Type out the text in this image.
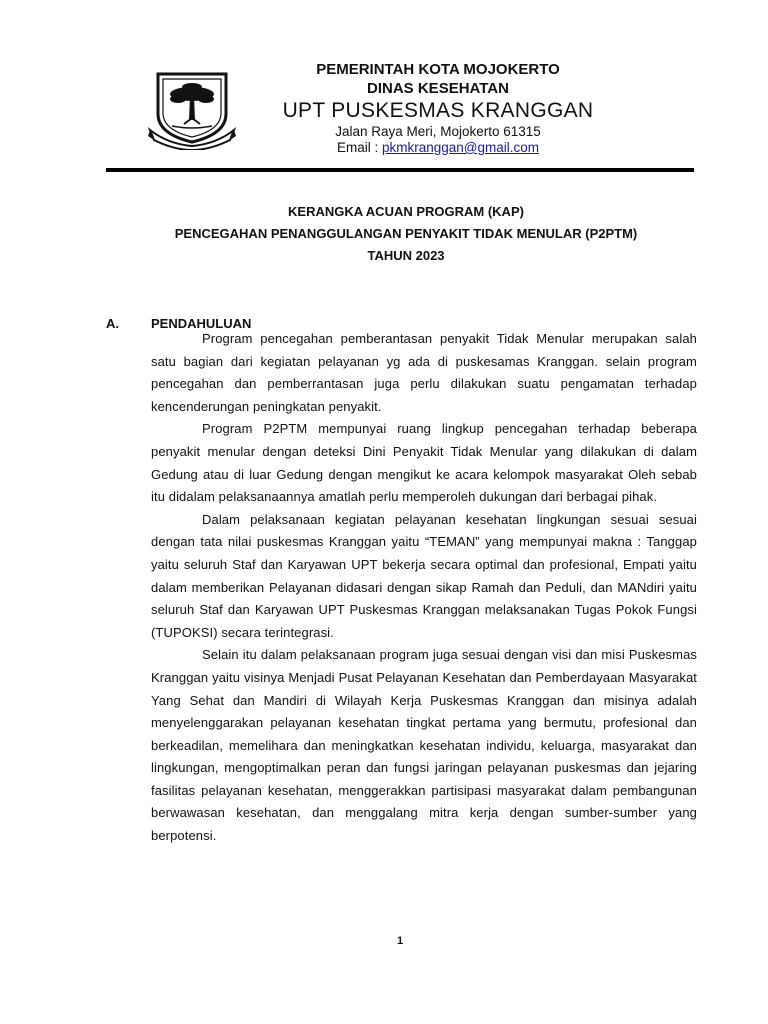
PEMERINTAH KOTA MOJOKERTO
DINAS KESEHATAN
UPT PUSKESMAS KRANGGAN
Jalan Raya Meri, Mojokerto 61315
Email : pkmkranggan@gmail.com
KERANGKA ACUAN PROGRAM (KAP)
PENCEGAHAN PENANGGULANGAN PENYAKIT TIDAK MENULAR (P2PTM)
TAHUN 2023
A. PENDAHULUAN

Program pencegahan pemberantasan penyakit Tidak Menular merupakan salah satu bagian dari kegiatan pelayanan yg ada di puskesamas Kranggan. selain program pencegahan dan pemberrantasan juga perlu dilakukan suatu pengamatan terhadap kencenderungan peningkatan penyakit.

Program P2PTM mempunyai ruang lingkup pencegahan terhadap beberapa penyakit menular dengan deteksi Dini Penyakit Tidak Menular yang dilakukan di dalam Gedung atau di luar Gedung dengan mengikut ke acara kelompok masyarakat Oleh sebab itu didalam pelaksanaannya amatlah perlu memperoleh dukungan dari berbagai pihak.

Dalam pelaksanaan kegiatan pelayanan kesehatan lingkungan sesuai sesuai dengan tata nilai puskesmas Kranggan yaitu “TEMAN” yang mempunyai makna : Tanggap yaitu seluruh Staf dan Karyawan UPT bekerja secara optimal dan profesional, Empati yaitu dalam memberikan Pelayanan didasari dengan sikap Ramah dan Peduli, dan MANdiri yaitu seluruh Staf dan Karyawan UPT Puskesmas Kranggan melaksanakan Tugas Pokok Fungsi (TUPOKSI) secara terintegrasi.

Selain itu dalam pelaksanaan program juga sesuai dengan visi dan misi Puskesmas Kranggan yaitu visinya Menjadi Pusat Pelayanan Kesehatan dan Pemberdayaan Masyarakat Yang Sehat dan Mandiri di Wilayah Kerja Puskesmas Kranggan dan misinya adalah menyelenggarakan pelayanan kesehatan tingkat pertama yang bermutu, profesional dan berkeadilan, memelihara dan meningkatkan kesehatan individu, keluarga, masyarakat dan lingkungan, mengoptimalkan peran dan fungsi jaringan pelayanan puskesmas dan jejaring fasilitas pelayanan kesehatan, menggerakkan partisipasi masyarakat dalam pembangunan berwawasan kesehatan, dan menggalang mitra kerja dengan sumber-sumber yang berpotensi.

1
